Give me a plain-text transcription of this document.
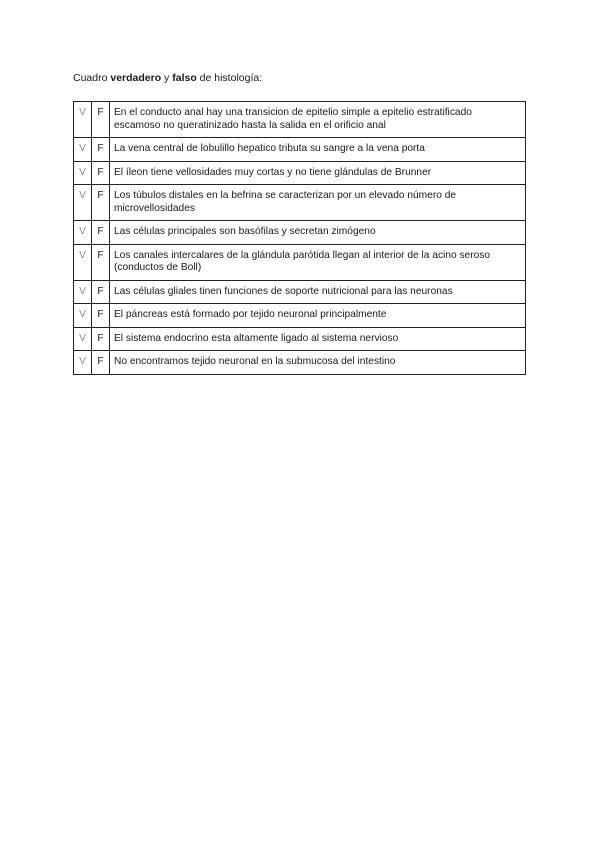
Cuadro verdadero y falso de histología:
V	F	En el conducto anal hay una transicion de epitelio simple a epitelio estratificado escamoso no queratinizado hasta la salida en el orificio anal
V	F	La vena central de lobulillo hepatico tributa su sangre a la vena porta
V	F	El íleon tiene vellosidades muy cortas y no tiene glándulas de Brunner
V	F	Los túbulos distales en la befrina se caracterizan por un elevado número de microvellosidades
V	F	Las células principales son basófilas y secretan zimógeno
V	F	Los canales intercalares de la glándula parótida llegan al interior de la acino seroso (conductos de Boll)
V	F	Las células gliales tinen funciones de soporte nutricional para las neuronas
V	F	El páncreas está formado por tejido neuronal principalmente
V	F	El sistema endocrino esta altamente ligado al sistema nervioso
V	F	No encontramos tejido neuronal en la submucosa del intestino
